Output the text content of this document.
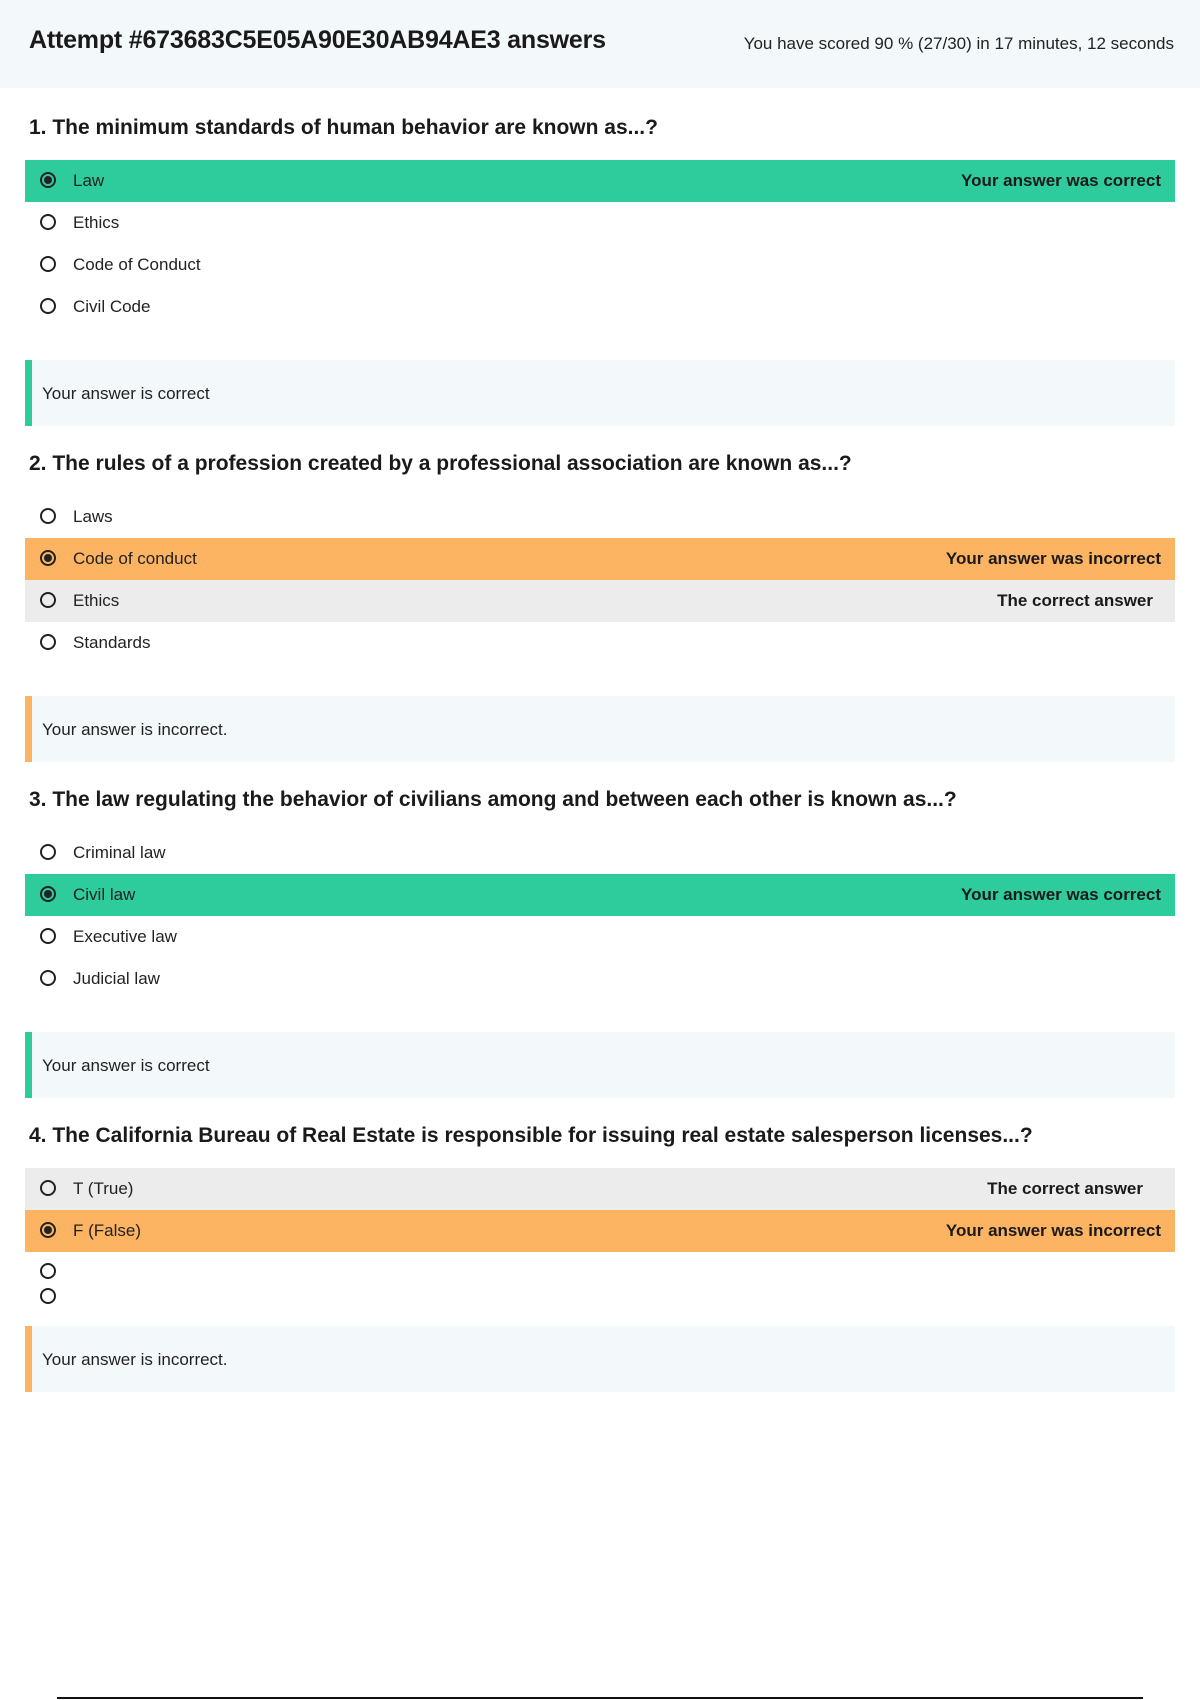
Attempt #673683C5E05A90E30AB94AE3 answers	You have scored 90 % (27/30) in 17 minutes, 12 seconds
1. The minimum standards of human behavior are known as...?
Law	Your answer was correct
Ethics
Code of Conduct
Civil Code
Your answer is correct
2. The rules of a profession created by a professional association are known as...?
Laws
Code of conduct	Your answer was incorrect
Ethics	The correct answer
Standards
Your answer is incorrect.
3. The law regulating the behavior of civilians among and between each other is known as...?
Criminal law
Civil law	Your answer was correct
Executive law
Judicial law
Your answer is correct
4. The California Bureau of Real Estate is responsible for issuing real estate salesperson licenses...?
T (True)	The correct answer
F (False)	Your answer was incorrect
Your answer is incorrect.
